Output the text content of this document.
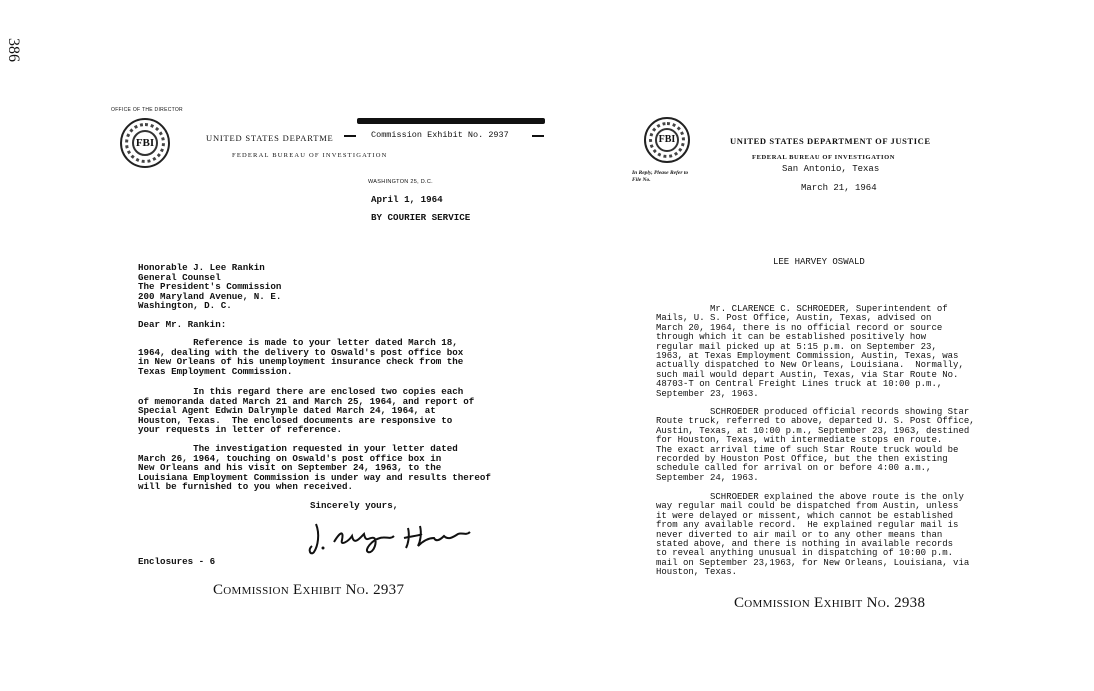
386
OFFICE OF THE DIRECTOR
FBI	UNITED STATES DEPARTME
FEDERAL BUREAU OF INVESTIGATION
Commission Exhibit No. 2937
WASHINGTON 25, D.C.
April 1, 1964
BY COURIER SERVICE
Honorable J. Lee Rankin
General Counsel
The President's Commission
200 Maryland Avenue, N. E.
Washington, D. C.
Dear Mr. Rankin:
Reference is made to your letter dated March 18,
1964, dealing with the delivery to Oswald's post office box
in New Orleans of his unemployment insurance check from the
Texas Employment Commission.
In this regard there are enclosed two copies each
of memoranda dated March 21 and March 25, 1964, and report of
Special Agent Edwin Dalrymple dated March 24, 1964, at
Houston, Texas.  The enclosed documents are responsive to
your requests in letter of reference.
The investigation requested in your letter dated
March 26, 1964, touching on Oswald's post office box in
New Orleans and his visit on September 24, 1963, to the
Louisiana Employment Commission is under way and results thereof
will be furnished to you when received.
Sincerely yours,
Enclosures - 6
Commission Exhibit No. 2937
FBI
In Reply, Please Refer to
File No.
UNITED STATES DEPARTMENT OF JUSTICE
FEDERAL BUREAU OF INVESTIGATION
San Antonio, Texas
March 21, 1964
LEE HARVEY OSWALD
Mr. CLARENCE C. SCHROEDER, Superintendent of
Mails, U. S. Post Office, Austin, Texas, advised on
March 20, 1964, there is no official record or source
through which it can be established positively how
regular mail picked up at 5:15 p.m. on September 23,
1963, at Texas Employment Commission, Austin, Texas, was
actually dispatched to New Orleans, Louisiana.  Normally,
such mail would depart Austin, Texas, via Star Route No.
48703-T on Central Freight Lines truck at 10:00 p.m.,
September 23, 1963.
SCHROEDER produced official records showing Star
Route truck, referred to above, departed U. S. Post Office,
Austin, Texas, at 10:00 p.m., September 23, 1963, destined
for Houston, Texas, with intermediate stops en route.
The exact arrival time of such Star Route truck would be
recorded by Houston Post Office, but the then existing
schedule called for arrival on or before 4:00 a.m.,
September 24, 1963.
SCHROEDER explained the above route is the only
way regular mail could be dispatched from Austin, unless
it were delayed or missent, which cannot be established
from any available record.  He explained regular mail is
never diverted to air mail or to any other means than
stated above, and there is nothing in available records
to reveal anything unusual in dispatching of 10:00 p.m.
mail on September 23,1963, for New Orleans, Louisiana, via
Houston, Texas.
Commission Exhibit No. 2938
